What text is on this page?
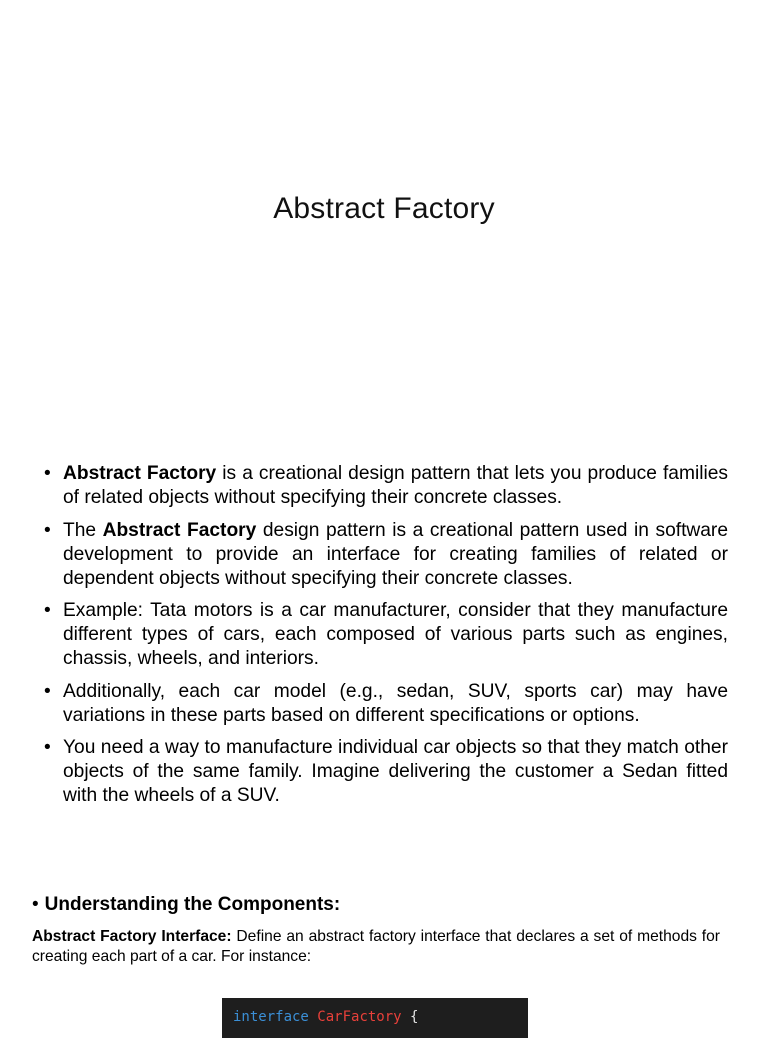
Abstract Factory
• Abstract Factory is a creational design pattern that lets you produce families of related objects without specifying their concrete classes.
• The Abstract Factory design pattern is a creational pattern used in software development to provide an interface for creating families of related or dependent objects without specifying their concrete classes.
• Example: Tata motors is a car manufacturer, consider that they manufacture different types of cars, each composed of various parts such as engines, chassis, wheels, and interiors.
• Additionally, each car model (e.g., sedan, SUV, sports car) may have variations in these parts based on different specifications or options.
• You need a way to manufacture individual car objects so that they match other objects of the same family. Imagine delivering the customer a Sedan fitted with the wheels of a SUV.
• Understanding the Components:
Abstract Factory Interface: Define an abstract factory interface that declares a set of methods for creating each part of a car. For instance:
interface CarFactory {
